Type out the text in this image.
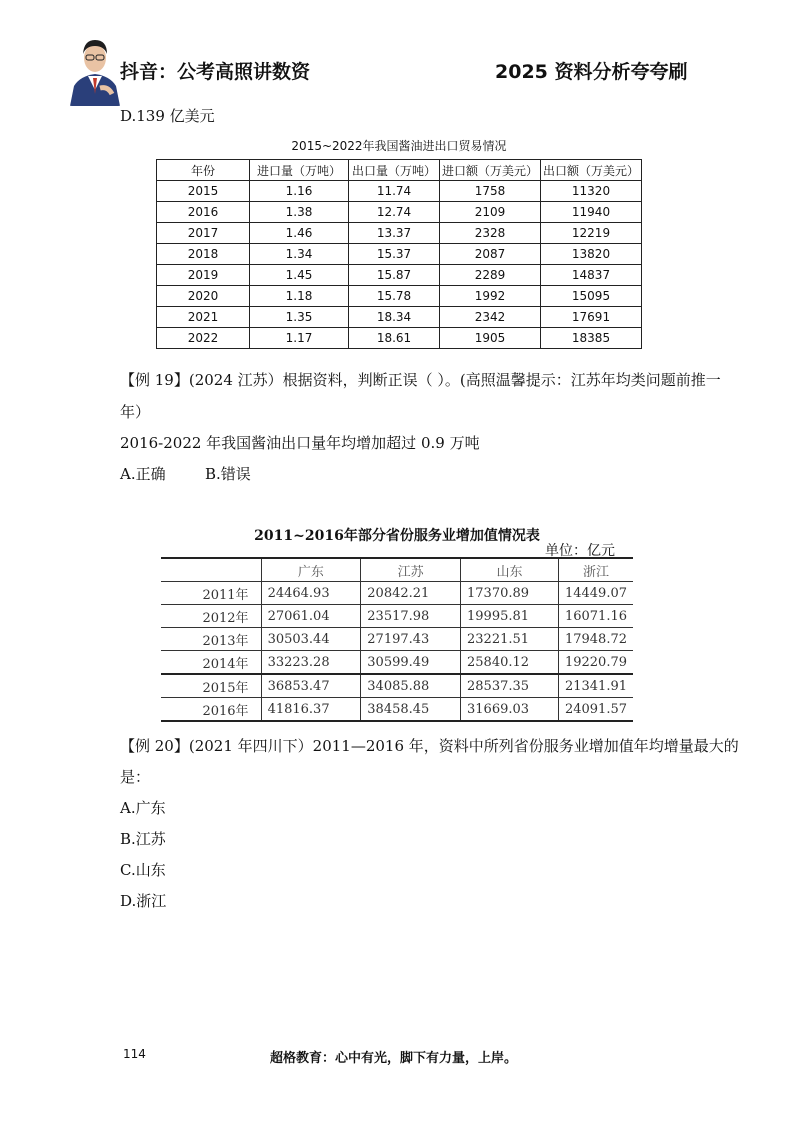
抖音：公考高照讲数资	2025 资料分析夸夸刷
D.139 亿美元
2015~2022年我国酱油进出口贸易情况
年份	进口量（万吨）	出口量（万吨）	进口额（万美元）	出口额（万美元）
2015	1.16	11.74	1758	11320
2016	1.38	12.74	2109	11940
2017	1.46	13.37	2328	12219
2018	1.34	15.37	2087	13820
2019	1.45	15.87	2289	14837
2020	1.18	15.78	1992	15095
2021	1.35	18.34	2342	17691
2022	1.17	18.61	1905	18385
【例 19】(2024 江苏）根据资料，判断正误（ ）。(高照温馨提示：江苏年均类问题前推一
年）
2016-2022 年我国酱油出口量年均增加超过 0.9 万吨
A.正确	B.错误
2011~2016年部分省份服务业增加值情况表
单位：亿元
	广东	江苏	山东	浙江
2011年	24464.93	20842.21	17370.89	14449.07
2012年	27061.04	23517.98	19995.81	16071.16
2013年	30503.44	27197.43	23221.51	17948.72
2014年	33223.28	30599.49	25840.12	19220.79
2015年	36853.47	34085.88	28537.35	21341.91
2016年	41816.37	38458.45	31669.03	24091.57
【例 20】(2021 年四川下）2011—2016 年，资料中所列省份服务业增加值年均增量最大的
是：
A.广东
B.江苏
C.山东
D.浙江
114	超格教育：心中有光，脚下有力量，上岸。
